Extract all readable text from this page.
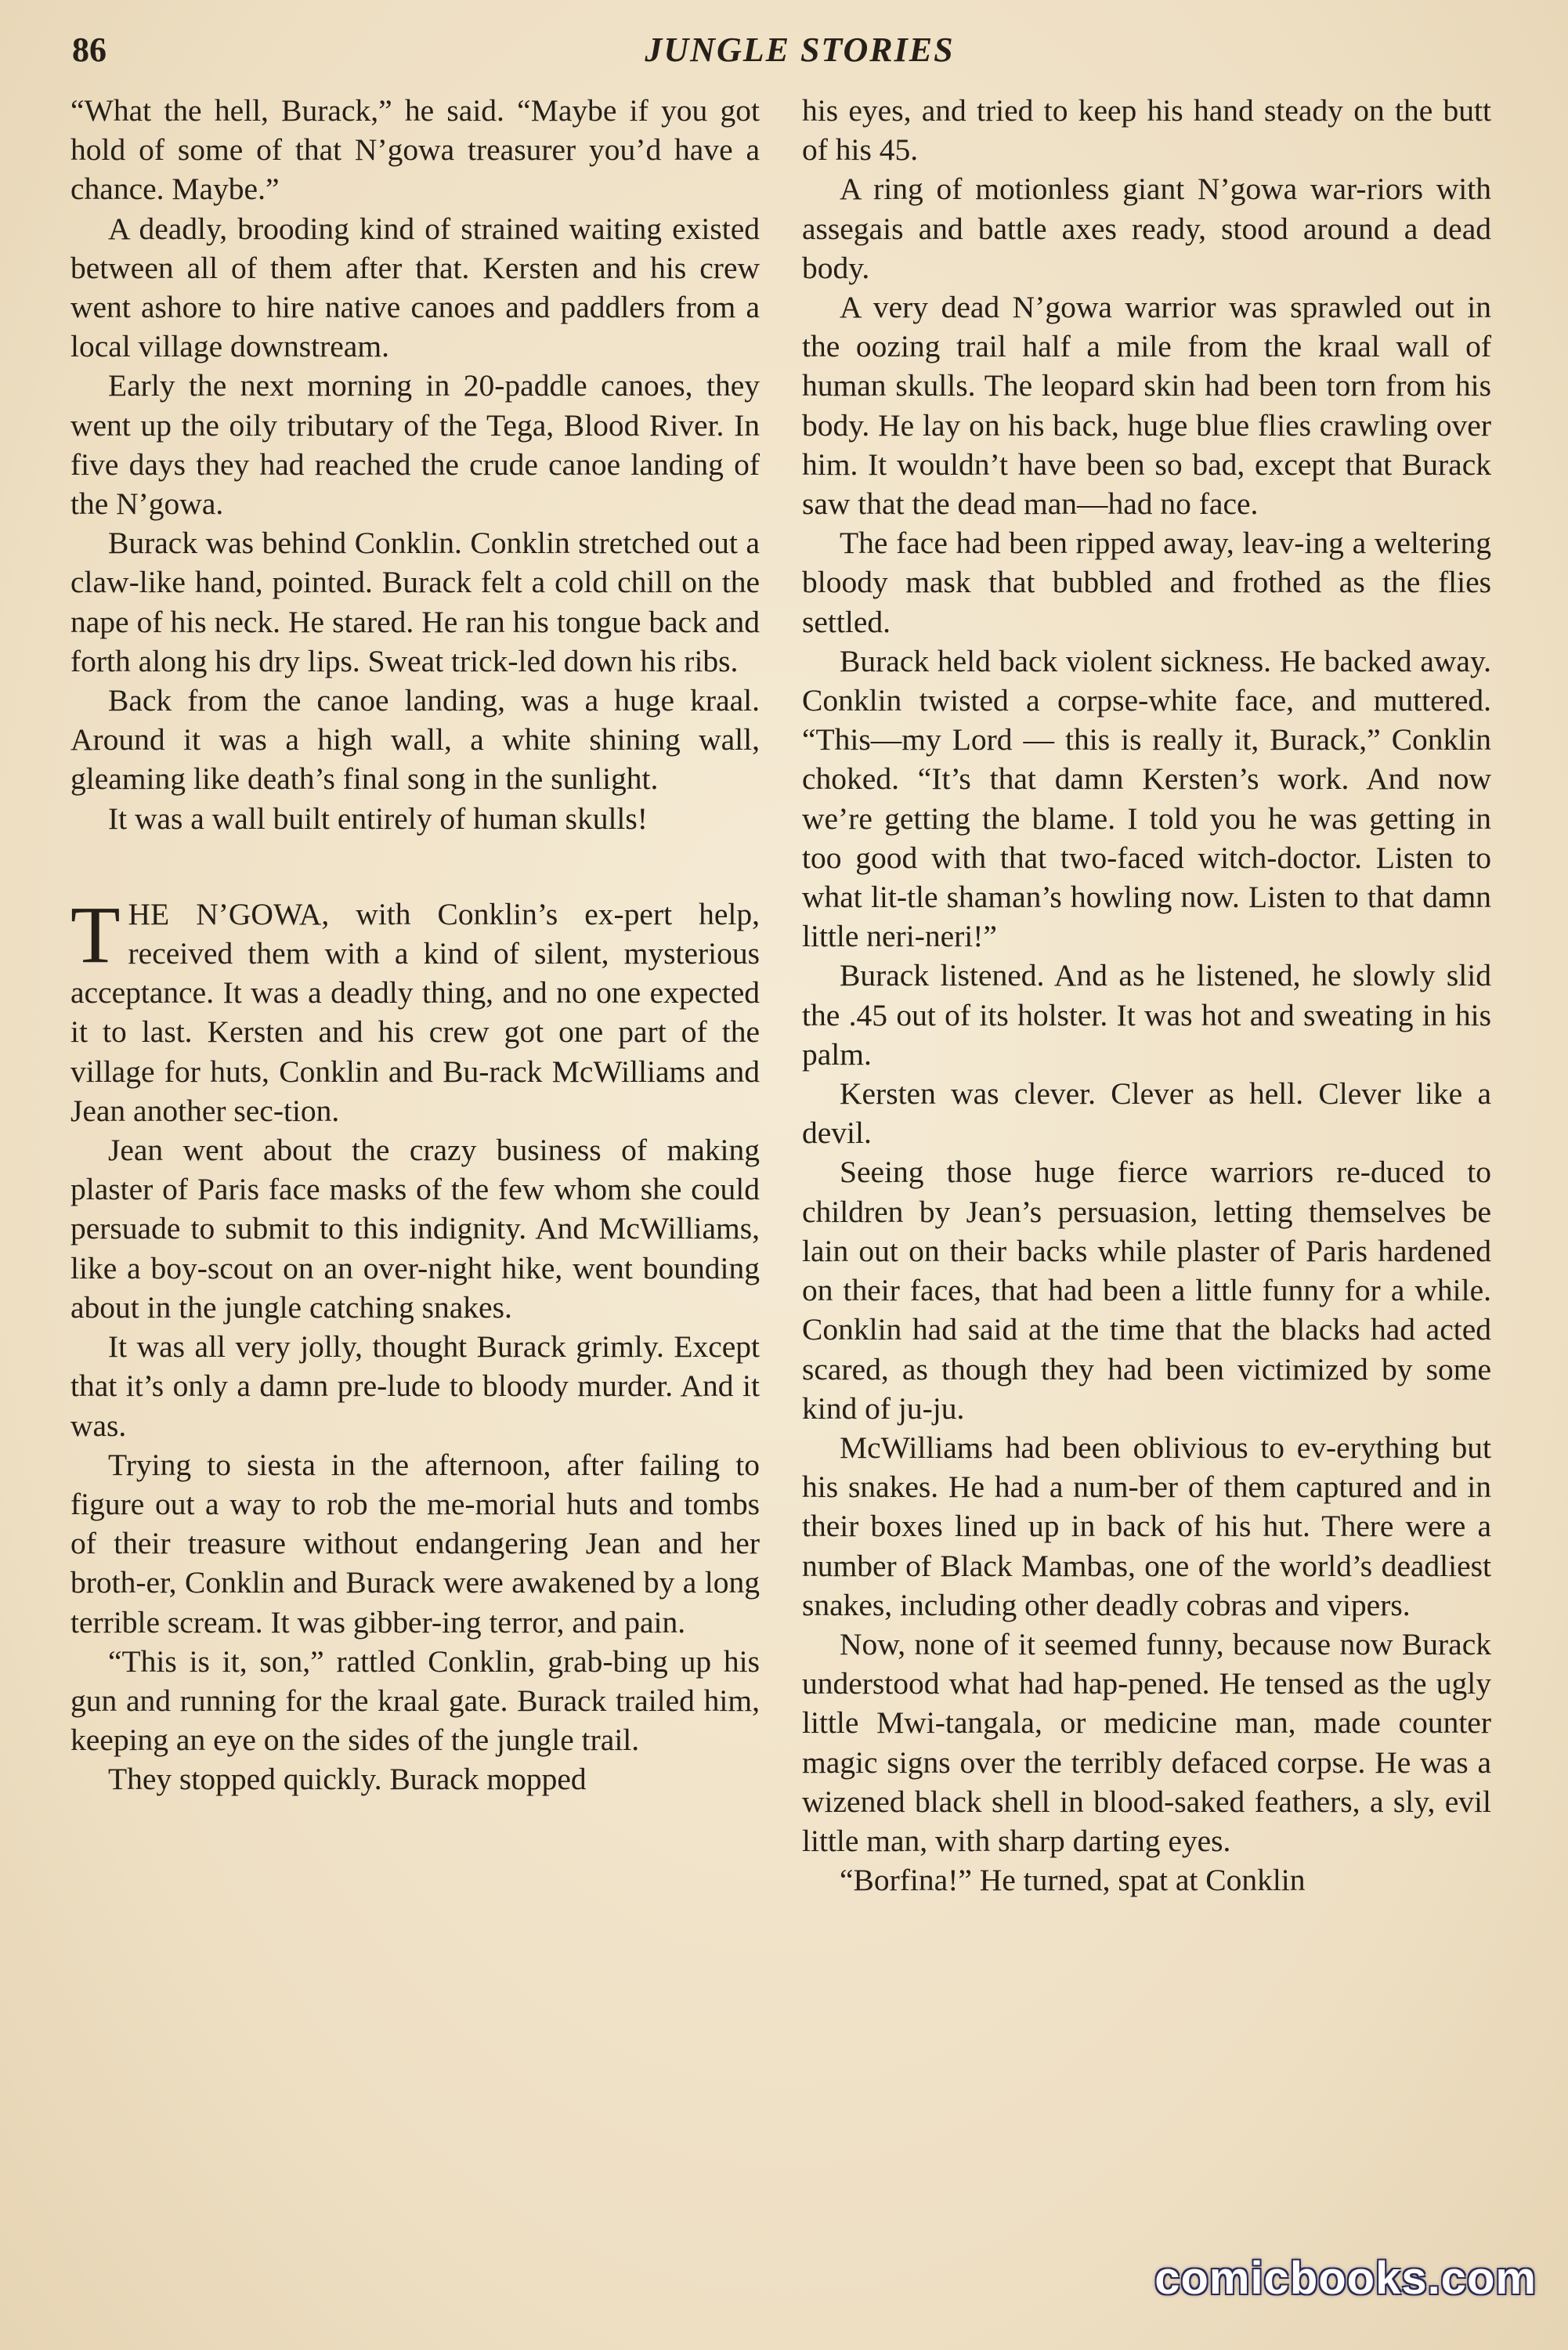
86	JUNGLE STORIES

“What the hell, Burack,” he said. “Maybe if you got hold of some of that N’gowa treasurer you’d have a chance. Maybe.”

A deadly, brooding kind of strained waiting existed between all of them after that. Kersten and his crew went ashore to hire native canoes and paddlers from a local village downstream.

Early the next morning in 20-paddle canoes, they went up the oily tributary of the Tega, Blood River. In five days they had reached the crude canoe landing of the N’gowa.

Burack was behind Conklin. Conklin stretched out a claw-like hand, pointed. Burack felt a cold chill on the nape of his neck. He stared. He ran his tongue back and forth along his dry lips. Sweat trick-led down his ribs.

Back from the canoe landing, was a huge kraal. Around it was a high wall, a white shining wall, gleaming like death’s final song in the sunlight.

It was a wall built entirely of human skulls!

THE N’GOWA, with Conklin’s ex-pert help, received them with a kind of silent, mysterious acceptance. It was a deadly thing, and no one expected it to last. Kersten and his crew got one part of the village for huts, Conklin and Bu-rack McWilliams and Jean another sec-tion.

Jean went about the crazy business of making plaster of Paris face masks of the few whom she could persuade to submit to this indignity. And McWilliams, like a boy-scout on an over-night hike, went bounding about in the jungle catching snakes.

It was all very jolly, thought Burack grimly. Except that it’s only a damn pre-lude to bloody murder. And it was.

Trying to siesta in the afternoon, after failing to figure out a way to rob the me-morial huts and tombs of their treasure without endangering Jean and her broth-er, Conklin and Burack were awakened by a long terrible scream. It was gibber-ing terror, and pain.

“This is it, son,” rattled Conklin, grab-bing up his gun and running for the kraal gate. Burack trailed him, keeping an eye on the sides of the jungle trail.

They stopped quickly. Burack mopped

his eyes, and tried to keep his hand steady on the butt of his 45.

A ring of motionless giant N’gowa war-riors with assegais and battle axes ready, stood around a dead body.

A very dead N’gowa warrior was sprawled out in the oozing trail half a mile from the kraal wall of human skulls. The leopard skin had been torn from his body. He lay on his back, huge blue flies crawling over him. It wouldn’t have been so bad, except that Burack saw that the dead man—had no face.

The face had been ripped away, leav-ing a weltering bloody mask that bubbled and frothed as the flies settled.

Burack held back violent sickness. He backed away. Conklin twisted a corpse-white face, and muttered. “This—my Lord — this is really it, Burack,” Conklin choked. “It’s that damn Kersten’s work. And now we’re getting the blame. I told you he was getting in too good with that two-faced witch-doctor. Listen to what lit-tle shaman’s howling now. Listen to that damn little neri-neri!”

Burack listened. And as he listened, he slowly slid the .45 out of its holster. It was hot and sweating in his palm.

Kersten was clever. Clever as hell. Clever like a devil.

Seeing those huge fierce warriors re-duced to children by Jean’s persuasion, letting themselves be lain out on their backs while plaster of Paris hardened on their faces, that had been a little funny for a while. Conklin had said at the time that the blacks had acted scared, as though they had been victimized by some kind of ju-ju.

McWilliams had been oblivious to ev-erything but his snakes. He had a num-ber of them captured and in their boxes lined up in back of his hut. There were a number of Black Mambas, one of the world’s deadliest snakes, including other deadly cobras and vipers.

Now, none of it seemed funny, because now Burack understood what had hap-pened. He tensed as the ugly little Mwi-tangala, or medicine man, made counter magic signs over the terribly defaced corpse. He was a wizened black shell in blood-saked feathers, a sly, evil little man, with sharp darting eyes.

“Borfina!” He turned, spat at Conklin

comicbooks.com
